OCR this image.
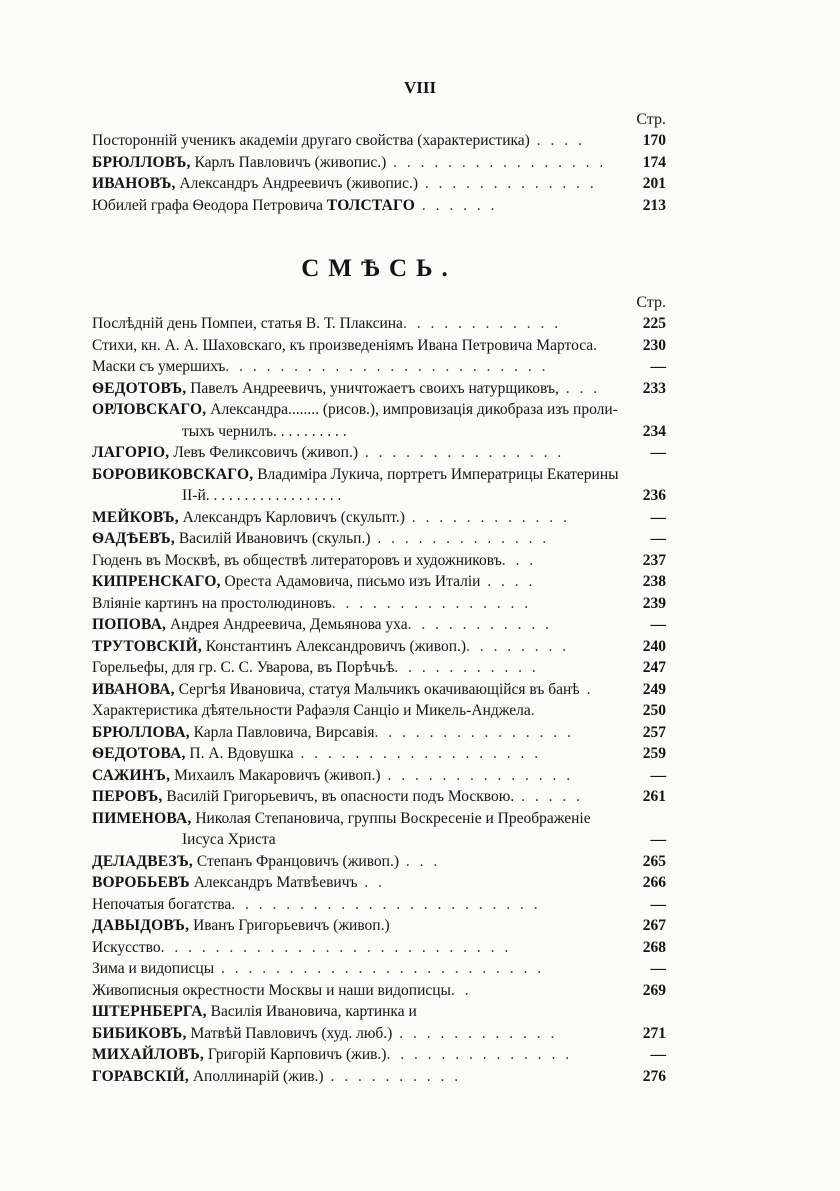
VIII
Стр.
Посторонній ученикъ академіи другаго свойства (характеристика) . . . .	170
БРЮЛЛОВЪ, Карлъ Павловичъ (живопис.) . . . . . . . . . . . . . . . .	174
ИВАНОВЪ, Александръ Андреевичъ (живопис.) . . . . . . . . . . . . .	201
Юбилей графа Ѳеодора Петровича ТОЛСТАГО . . . . . .	213
СМѢСЬ.
Стр.
Послѣдній день Помпеи, статья В. Т. Плаксина. . . . . . . . . . . .	225
Стихи, кн. А. А. Шаховскаго, къ произведеніямъ Ивана Петровича Мартоса.	230
Маски съ умершихъ. . . . . . . . . . . . . . . . . . . . . . . .	—
ѲЕДОТОВЪ, Павелъ Андреевичъ, уничтожаетъ своихъ натурщиковъ, . . .	233
ОРЛОВСКАГО, Александра........ (рисов.), импровизація дикобраза изъ проли-
тыхъ чернилъ. . . . . . . . . .	234
ЛАГОРІО, Левъ Феликсовичъ (живоп.) . . . . . . . . . . . . . . .	—
БОРОВИКОВСКАГО, Владиміра Лукича, портретъ Императрицы Екатерины
II-й. . . . . . . . . . . . . . . . . .	236
МЕЙКОВЪ, Александръ Карловичъ (скульпт.) . . . . . . . . . . . .	—
ѲАДѢЕВЪ, Василій Ивановичъ (скульп.) . . . . . . . . . . . . .	—
Гюденъ въ Москвѣ, въ обществѣ литераторовъ и художниковъ. . .	237
КИПРЕНСКАГО, Ореста Адамовича, письмо изъ Италіи . . . .	238
Вліяніе картинъ на простолюдиновъ. . . . . . . . . . . . . . .	239
ПОПОВА, Андрея Андреевича, Демьянова уха. . . . . . . . . . .	—
ТРУТОВСКІЙ, Константинъ Александровичъ (живоп.). . . . . . . .	240
Горельефы, для гр. С. С. Уварова, въ Порѣчьѣ. . . . . . . . . . .	247
ИВАНОВА, Сергѣя Ивановича, статуя Мальчикъ окачивающійся въ банѣ .	249
Характеристика дѣятельности Рафаэля Санціо и Микель-Анджела.	250
БРЮЛЛОВА, Карла Павловича, Вирсавія. . . . . . . . . . . . . . .	257
ѲЕДОТОВА, П. А. Вдовушка . . . . . . . . . . . . . . . . . .	259
САЖИНЪ, Михаилъ Макаровичъ (живоп.) . . . . . . . . . . . . . .	—
ПЕРОВЪ, Василій Григорьевичъ, въ опасности подъ Москвою. . . . . .	261
ПИМЕНОВА, Николая Степановича, группы Воскресеніе и Преображеніе
Іисуса Христа	—
ДЕЛАДВЕЗЪ, Степанъ Францовичъ (живоп.) . . .	265
ВОРОБЬЕВЪ Александръ Матвѣевичъ . .	266
Непочатыя богатства. . . . . . . . . . . . . . . . . . . . . . .	—
ДАВЫДОВЪ, Иванъ Григорьевичъ (живоп.)	267
Искусство. . . . . . . . . . . . . . . . . . . . . . . . . .	268
Зима и видописцы . . . . . . . . . . . . . . . . . . . . . . . .	—
Живописныя окрестности Москвы и наши видописцы. .	269
ШТЕРНБЕРГА, Василія Ивановича, картинка и
БИБИКОВЪ, Матвѣй Павловичъ (худ. люб.) . . . . . . . . . . . .	271
МИХАЙЛОВЪ, Григорій Карповичъ (жив.). . . . . . . . . . . . . .	—
ГОРАВСКІЙ, Аполлинарій (жив.) . . . . . . . . . .	276
